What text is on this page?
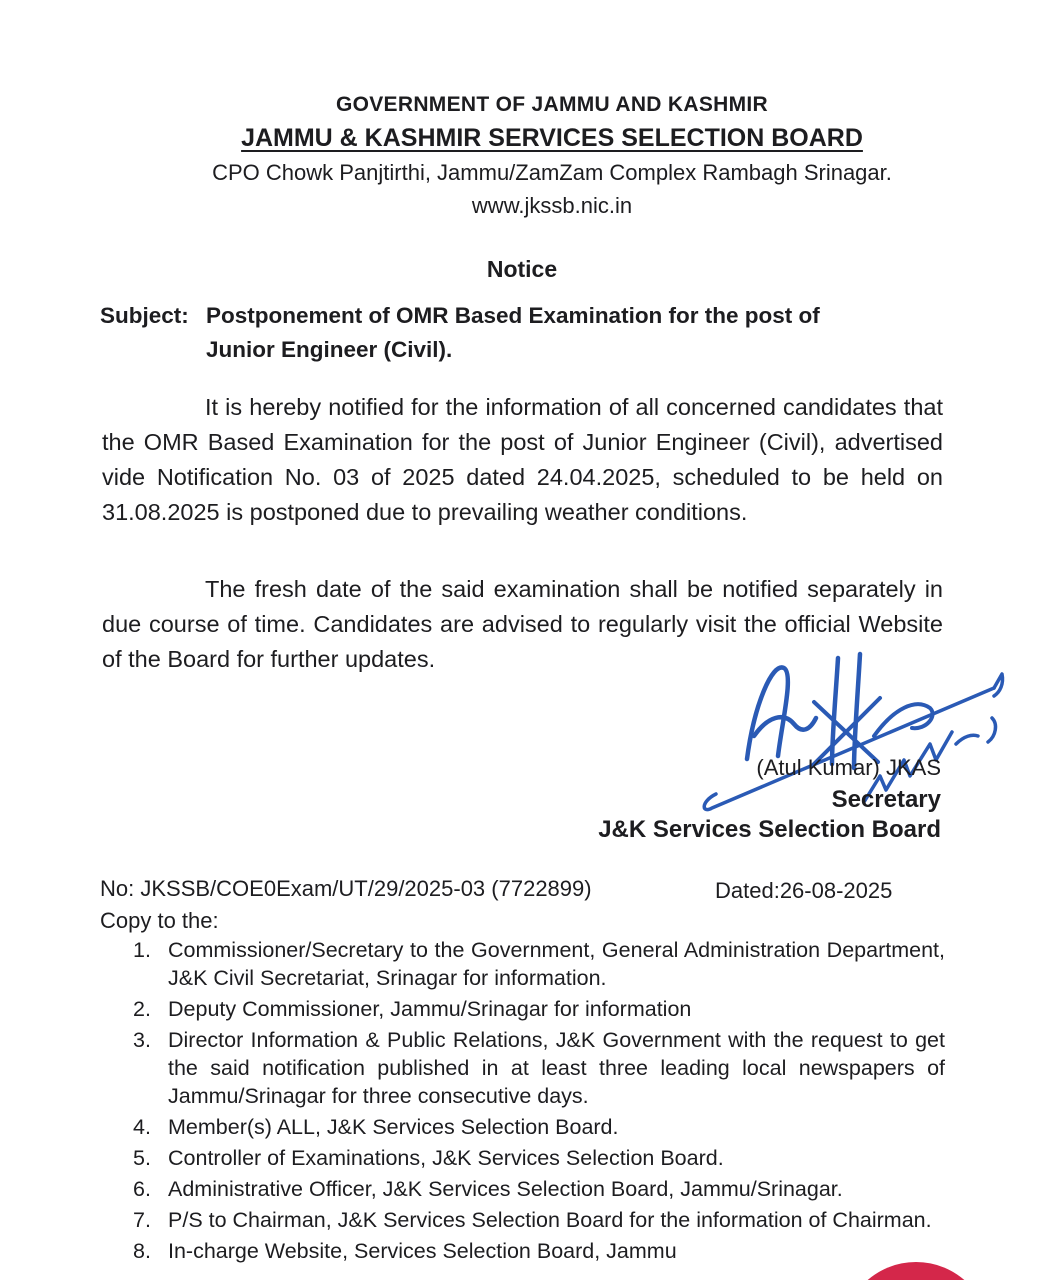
GOVERNMENT OF JAMMU AND KASHMIR
JAMMU & KASHMIR SERVICES SELECTION BOARD
CPO Chowk Panjtirthi, Jammu/ZamZam Complex Rambagh Srinagar.
www.jkssb.nic.in
Notice
Subject: Postponement of OMR Based Examination for the post of Junior Engineer (Civil).
It is hereby notified for the information of all concerned candidates that the OMR Based Examination for the post of Junior Engineer (Civil), advertised vide Notification No. 03 of 2025 dated 24.04.2025, scheduled to be held on 31.08.2025 is postponed due to prevailing weather conditions.
The fresh date of the said examination shall be notified separately in due course of time. Candidates are advised to regularly visit the official Website of the Board for further updates.
(Atul Kumar) JKAS
Secretary
J&K Services Selection Board
No: JKSSB/COE0Exam/UT/29/2025-03 (7722899)	Dated:26-08-2025
Copy to the:
1. Commissioner/Secretary to the Government, General Administration Department, J&K Civil Secretariat, Srinagar for information.
2. Deputy Commissioner, Jammu/Srinagar for information
3. Director Information & Public Relations, J&K Government with the request to get the said notification published in at least three leading local newspapers of Jammu/Srinagar for three consecutive days.
4. Member(s) ALL, J&K Services Selection Board.
5. Controller of Examinations, J&K Services Selection Board.
6. Administrative Officer, J&K Services Selection Board, Jammu/Srinagar.
7. P/S to Chairman, J&K Services Selection Board for the information of Chairman.
8. In-charge Website, Services Selection Board, Jammu
